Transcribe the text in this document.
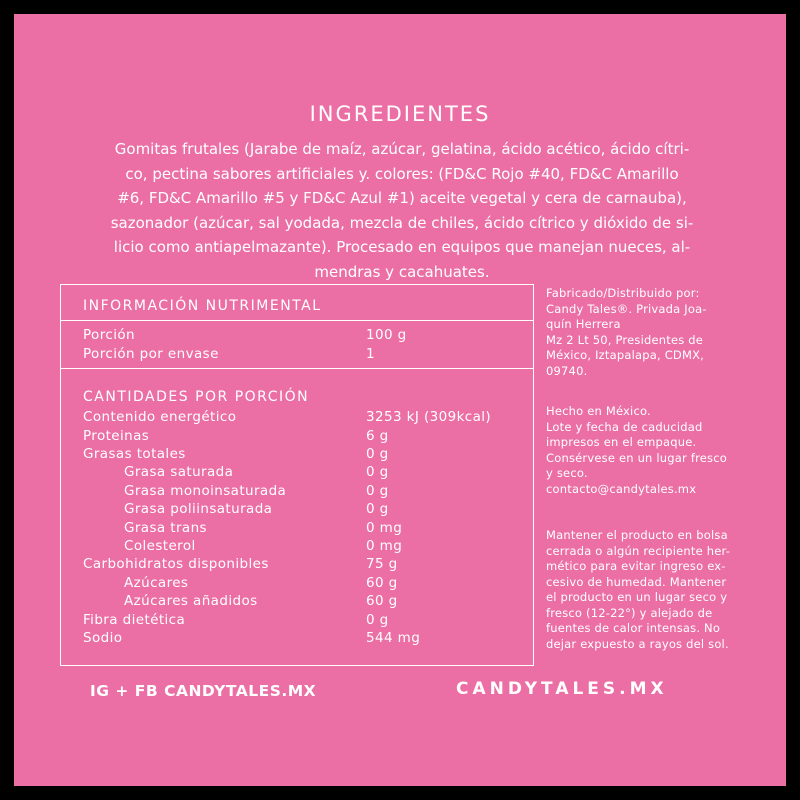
INGREDIENTES
Gomitas frutales (Jarabe de maíz, azúcar, gelatina, ácido acético, ácido cítri-
co, pectina sabores artificiales y. colores: (FD&C Rojo #40, FD&C Amarillo
#6, FD&C Amarillo #5 y FD&C Azul #1) aceite vegetal y cera de carnauba),
sazonador (azúcar, sal yodada, mezcla de chiles, ácido cítrico y dióxido de si-
licio como antiapelmazante). Procesado en equipos que manejan nueces, al-
mendras y cacahuates.
INFORMACIÓN NUTRIMENTAL
Porción	100 g
Porción por envase	1
CANTIDADES POR PORCIÓN
Contenido energético	3253 kJ (309kcal)
Proteinas	6 g
Grasas totales	0 g
Grasa saturada	0 g
Grasa monoinsaturada	0 g
Grasa poliinsaturada	0 g
Grasa trans	0 mg
Colesterol	0 mg
Carbohidratos disponibles	75 g
Azúcares	60 g
Azúcares añadidos	60 g
Fibra dietética	0 g
Sodio	544 mg

Fabricado/Distribuido por:

Candy Tales®. Privada Joa-

quín Herrera

Mz 2 Lt 50, Presidentes de

México, Iztapalapa, CDMX,

09740.

Hecho en México.

Lote y fecha de caducidad

impresos en el empaque.

Consérvese en un lugar fresco

y seco.

contacto@candytales.mx

Mantener el producto en bolsa

cerrada o algún recipiente her-

mético para evitar ingreso ex-

cesivo de humedad. Mantener

el producto en un lugar seco y

fresco (12-22°) y alejado de

fuentes de calor intensas. No

dejar expuesto a rayos del sol.

IG + FB CANDYTALES.MX	CANDYTALES.MX
